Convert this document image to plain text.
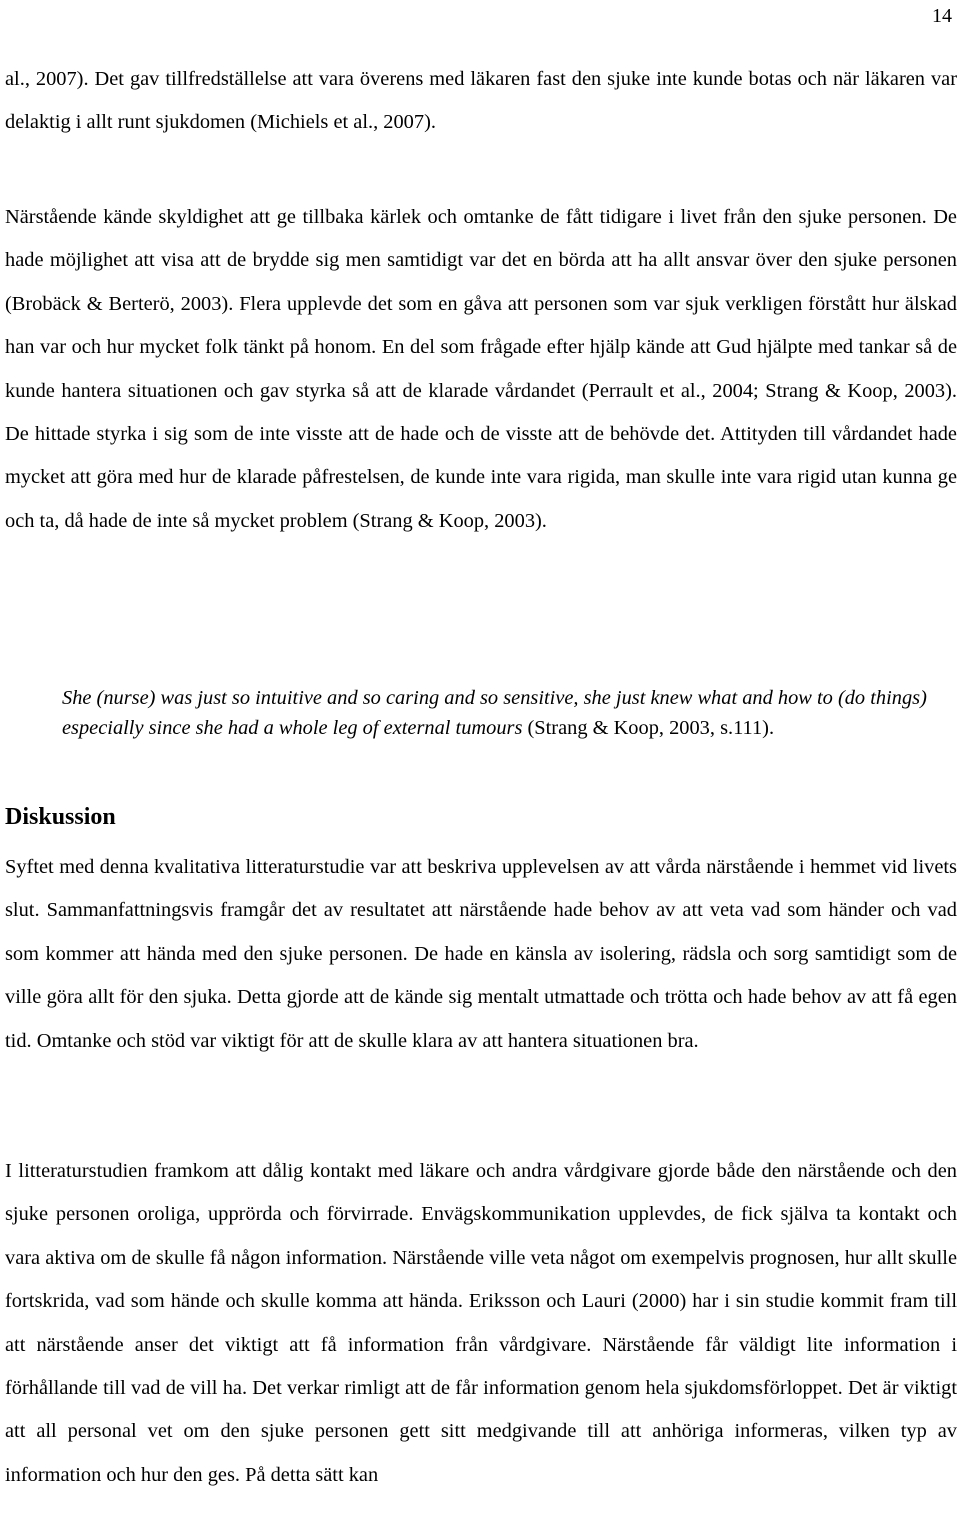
14

al., 2007). Det gav tillfredställelse att vara överens med läkaren fast den sjuke inte kunde botas och när läkaren var delaktig i allt runt sjukdomen (Michiels et al., 2007).

Närstående kände skyldighet att ge tillbaka kärlek och omtanke de fått tidigare i livet från den sjuke personen. De hade möjlighet att visa att de brydde sig men samtidigt var det en börda att ha allt ansvar över den sjuke personen (Brobäck & Berterö, 2003). Flera upplevde det som en gåva att personen som var sjuk verkligen förstått hur älskad han var och hur mycket folk tänkt på honom. En del som frågade efter hjälp kände att Gud hjälpte med tankar så de kunde hantera situationen och gav styrka så att de klarade vårdandet (Perrault et al., 2004; Strang & Koop, 2003). De hittade styrka i sig som de inte visste att de hade och de visste att de behövde det. Attityden till vårdandet hade mycket att göra med hur de klarade påfrestelsen, de kunde inte vara rigida, man skulle inte vara rigid utan kunna ge och ta, då hade de inte så mycket problem (Strang & Koop, 2003).

She (nurse) was just so intuitive and so caring and so sensitive, she just knew what and how to (do things) especially since she had a whole leg of external tumours (Strang & Koop, 2003, s.111).

Diskussion

Syftet med denna kvalitativa litteraturstudie var att beskriva upplevelsen av att vårda närstående i hemmet vid livets slut. Sammanfattningsvis framgår det av resultatet att närstående hade behov av att veta vad som händer och vad som kommer att hända med den sjuke personen. De hade en känsla av isolering, rädsla och sorg samtidigt som de ville göra allt för den sjuka. Detta gjorde att de kände sig mentalt utmattade och trötta och hade behov av att få egen tid. Omtanke och stöd var viktigt för att de skulle klara av att hantera situationen bra.

I litteraturstudien framkom att dålig kontakt med läkare och andra vårdgivare gjorde både den närstående och den sjuke personen oroliga, upprörda och förvirrade. Envägskommunikation upplevdes, de fick själva ta kontakt och vara aktiva om de skulle få någon information. Närstående ville veta något om exempelvis prognosen, hur allt skulle fortskrida, vad som hände och skulle komma att hända. Eriksson och Lauri (2000) har i sin studie kommit fram till att närstående anser det viktigt att få information från vårdgivare. Närstående får väldigt lite information i förhållande till vad de vill ha. Det verkar rimligt att de får information genom hela sjukdomsförloppet. Det är viktigt att all personal vet om den sjuke personen gett sitt medgivande till att anhöriga informeras, vilken typ av information och hur den ges. På detta sätt kan
